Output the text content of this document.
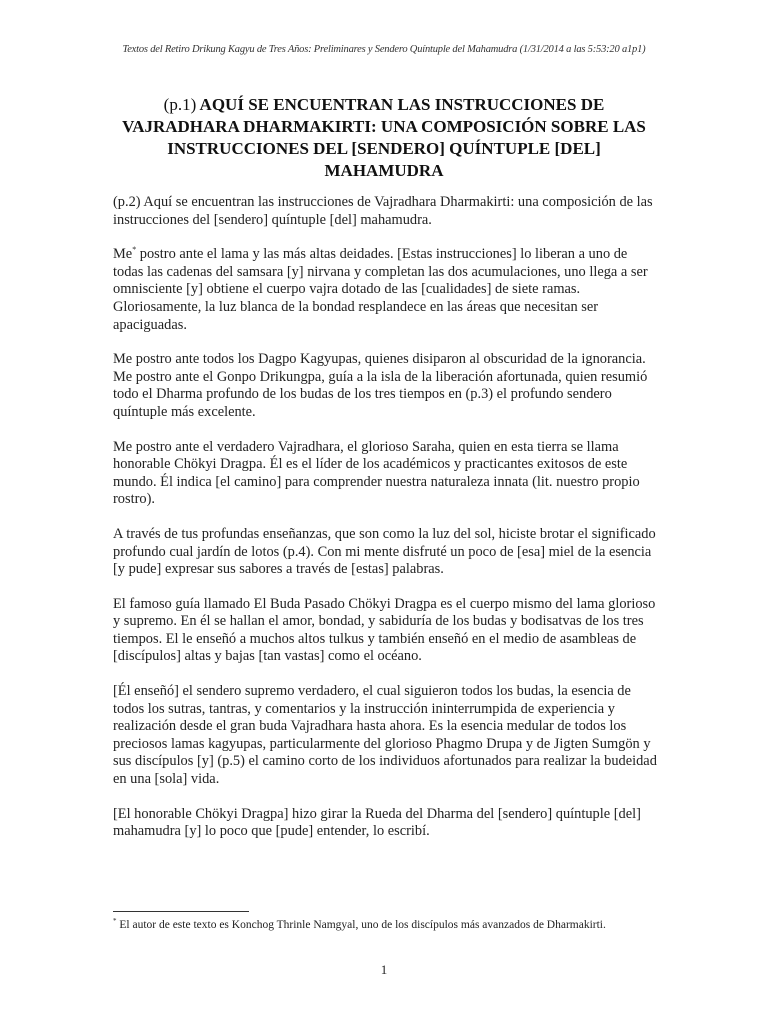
Textos del Retiro Drikung Kagyu de Tres Años: Preliminares y Sendero Quíntuple del Mahamudra (1/31/2014 a las 5:53:20 a1p1)
(p.1) AQUÍ SE ENCUENTRAN LAS INSTRUCCIONES DE VAJRADHARA DHARMAKIRTI: UNA COMPOSICIÓN SOBRE LAS INSTRUCCIONES DEL [SENDERO] QUÍNTUPLE [DEL] MAHAMUDRA

(p.2) Aquí se encuentran las instrucciones de Vajradhara Dharmakirti: una composición de las instrucciones del [sendero] quíntuple [del] mahamudra.

Me* postro ante el lama y las más altas deidades. [Estas instrucciones] lo liberan a uno de todas las cadenas del samsara [y] nirvana y completan las dos acumulaciones, uno llega a ser omnisciente [y] obtiene el cuerpo vajra dotado de las [cualidades] de siete ramas. Gloriosamente, la luz blanca de la bondad resplandece en las áreas que necesitan ser apaciguadas.

Me postro ante todos los Dagpo Kagyupas, quienes disiparon al obscuridad de la ignorancia. Me postro ante el Gonpo Drikungpa, guía a la isla de la liberación afortunada, quien resumió todo el Dharma profundo de los budas de los tres tiempos en (p.3) el profundo sendero quíntuple más excelente.

Me postro ante el verdadero Vajradhara, el glorioso Saraha, quien en esta tierra se llama honorable Chökyi Dragpa. Él es el líder de los académicos y practicantes exitosos de este mundo. Él indica [el camino] para comprender nuestra naturaleza innata (lit. nuestro propio rostro).

A través de tus profundas enseñanzas, que son como la luz del sol, hiciste brotar el significado profundo cual jardín de lotos (p.4). Con mi mente disfruté un poco de [esa] miel de la esencia [y pude] expresar sus sabores a través de [estas] palabras.

El famoso guía llamado El Buda Pasado Chökyi Dragpa es el cuerpo mismo del lama glorioso y supremo. En él se hallan el amor, bondad, y sabiduría de los budas y bodisatvas de los tres tiempos. El le enseñó a muchos altos tulkus y también enseñó en el medio de asambleas de [discípulos] altas y bajas [tan vastas] como el océano.

[Él enseñó] el sendero supremo verdadero, el cual siguieron todos los budas, la esencia de todos los sutras, tantras, y comentarios y la instrucción ininterrumpida de experiencia y realización desde el gran buda Vajradhara hasta ahora. Es la esencia medular de todos los preciosos lamas kagyupas, particularmente del glorioso Phagmo Drupa y de Jigten Sumgön y sus discípulos [y] (p.5) el camino corto de los individuos afortunados para realizar la budeidad en una [sola] vida.

[El honorable Chökyi Dragpa] hizo girar la Rueda del Dharma del [sendero] quíntuple [del] mahamudra [y] lo poco que [pude] entender, lo escribí.

* El autor de este texto es Konchog Thrinle Namgyal, uno de los discípulos más avanzados de Dharmakirti.
1
